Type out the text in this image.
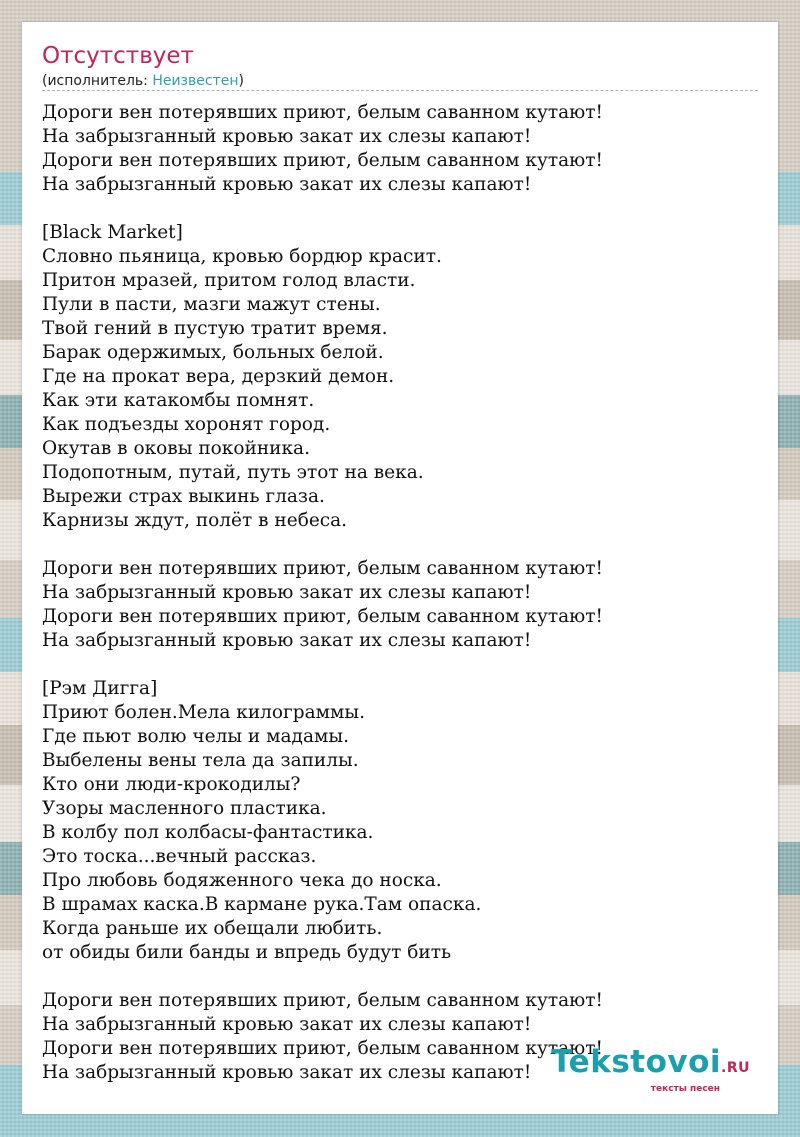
Отсутствует
(исполнитель: Неизвестен)
Дороги вен потерявших приют, белым саванном кутают!
На забрызганный кровью закат их слезы капают!
Дороги вен потерявших приют, белым саванном кутают!
На забрызганный кровью закат их слезы капают!
[Black Market]
Словно пьяница, кровью бордюр красит.
Притон мразей, притом голод власти.
Пули в пасти, мазги мажут стены.
Твой гений в пустую тратит время.
Барак одержимых, больных белой.
Где на прокат вера, дерзкий демон.
Как эти катакомбы помнят.
Как подъезды хоронят город.
Окутав в оковы покойника.
Подопотным, путай, путь этот на века.
Вырежи страх выкинь глаза.
Карнизы ждут, полёт в небеса.
Дороги вен потерявших приют, белым саванном кутают!
На забрызганный кровью закат их слезы капают!
Дороги вен потерявших приют, белым саванном кутают!
На забрызганный кровью закат их слезы капают!
[Рэм Дигга]
Приют болен.Мела килограммы.
Где пьют волю челы и мадамы.
Выбелены вены тела да запилы.
Кто они люди-крокодилы?
Узоры масленного пластика.
В колбу пол колбасы-фантастика.
Это тоска...вечный рассказ.
Про любовь бодяженного чека до носка.
В шрамах каска.В кармане рука.Там опаска.
Когда раньше их обещали любить.
от обиды били банды и впредь будут бить
Дороги вен потерявших приют, белым саванном кутают!
На забрызганный кровью закат их слезы капают!
Дороги вен потерявших приют, белым саванном кутают!
На забрызганный кровью закат их слезы капают! Tekstovoi.RU
тексты песен
